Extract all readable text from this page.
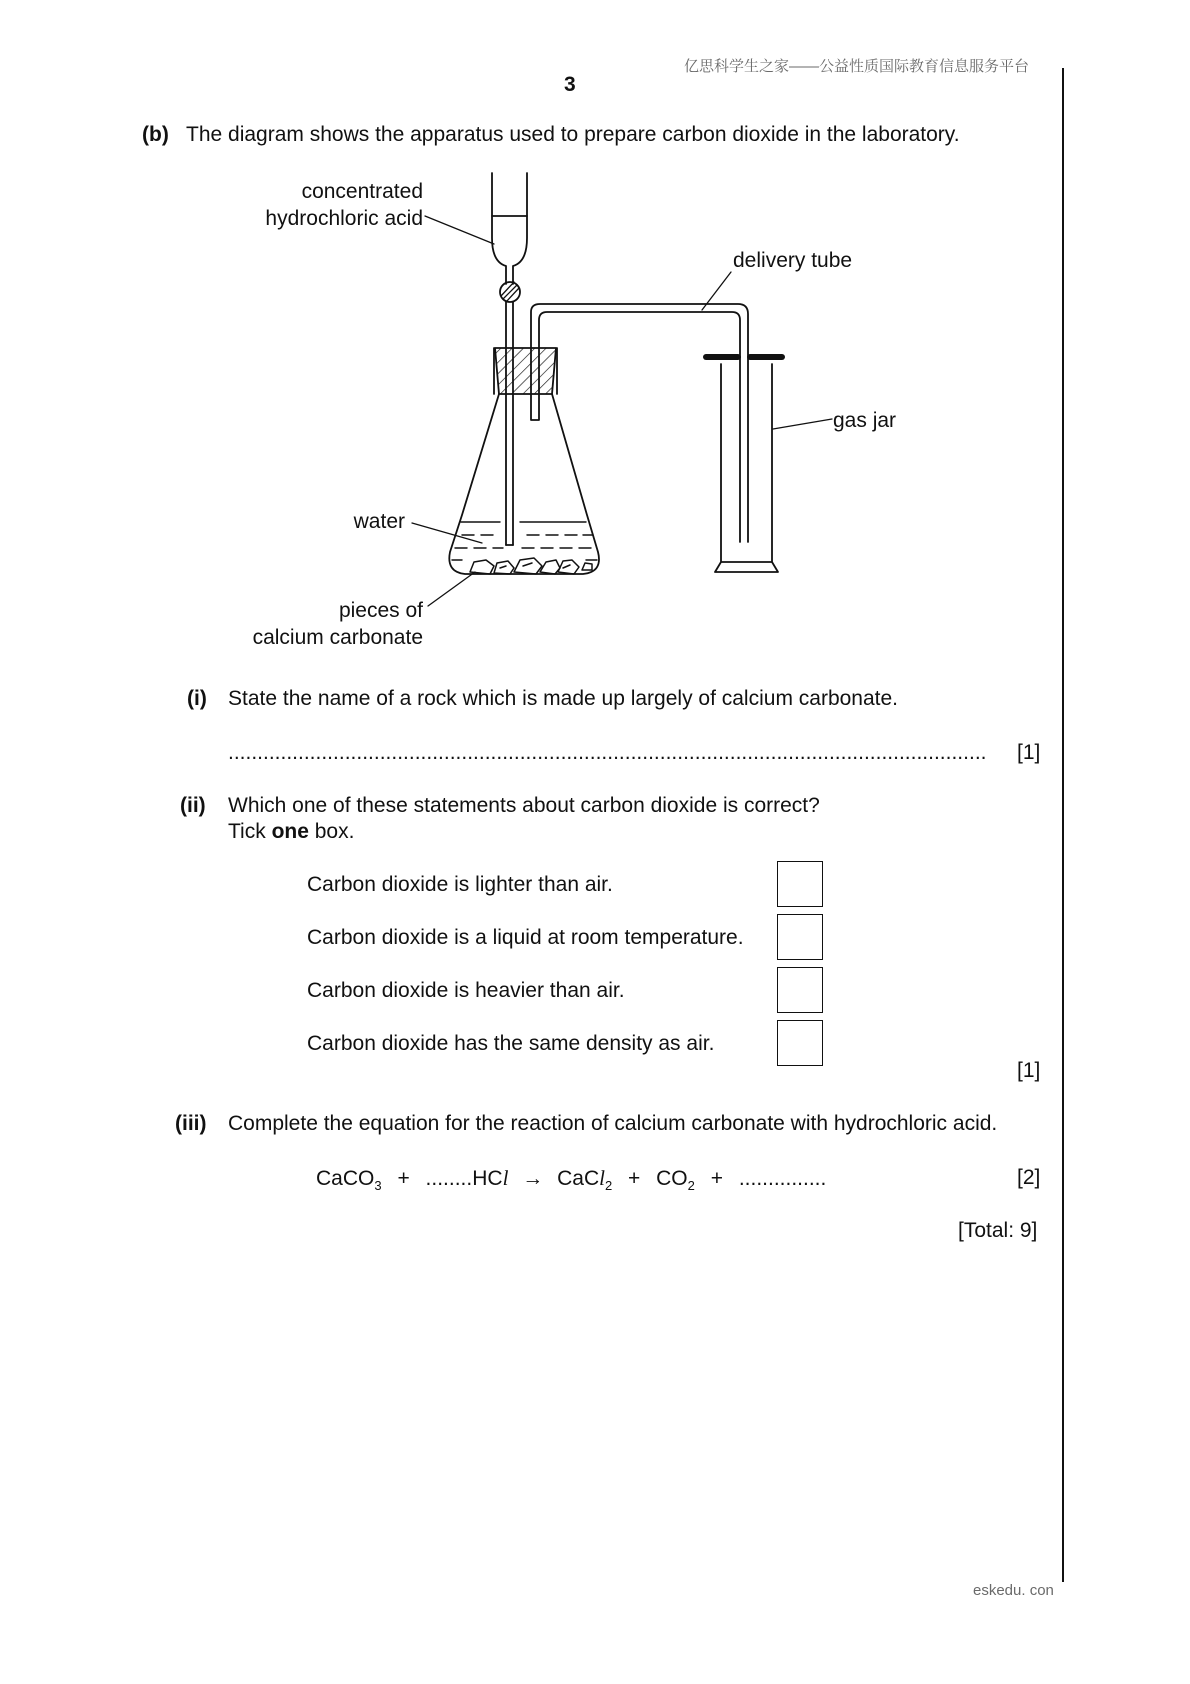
亿思科学生之家——公益性质国际教育信息服务平台
3
(b) The diagram shows the apparatus used to prepare carbon dioxide in the laboratory.
concentrated
hydrochloric acid
delivery tube
gas jar
water
pieces of
calcium carbonate
(i) State the name of a rock which is made up largely of calcium carbonate.
..................................................................................................................................	[1]
(ii) Which one of these statements about carbon dioxide is correct?
Tick one box.
Carbon dioxide is lighter than air.
Carbon dioxide is a liquid at room temperature.
Carbon dioxide is heavier than air.
Carbon dioxide has the same density as air.
[1]
(iii) Complete the equation for the reaction of calcium carbonate with hydrochloric acid.
CaCO$_3$ + ........HCl → CaCl$_2$ + $CO_2$ + ...............	[2]
[Total: 9]
eskedu. con
